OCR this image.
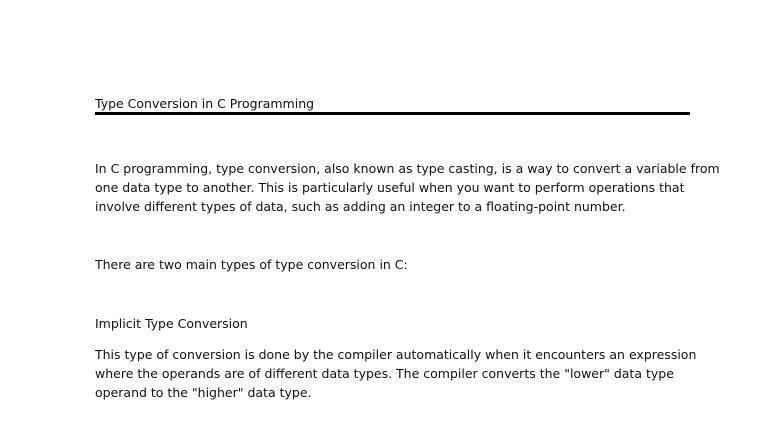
Type Conversion in C Programming

In C programming, type conversion, also known as type casting, is a way to convert a variable from
one data type to another. This is particularly useful when you want to perform operations that
involve different types of data, such as adding an integer to a floating-point number.

There are two main types of type conversion in C:

Implicit Type Conversion

This type of conversion is done by the compiler automatically when it encounters an expression
where the operands are of different data types. The compiler converts the "lower" data type
operand to the "higher" data type.
